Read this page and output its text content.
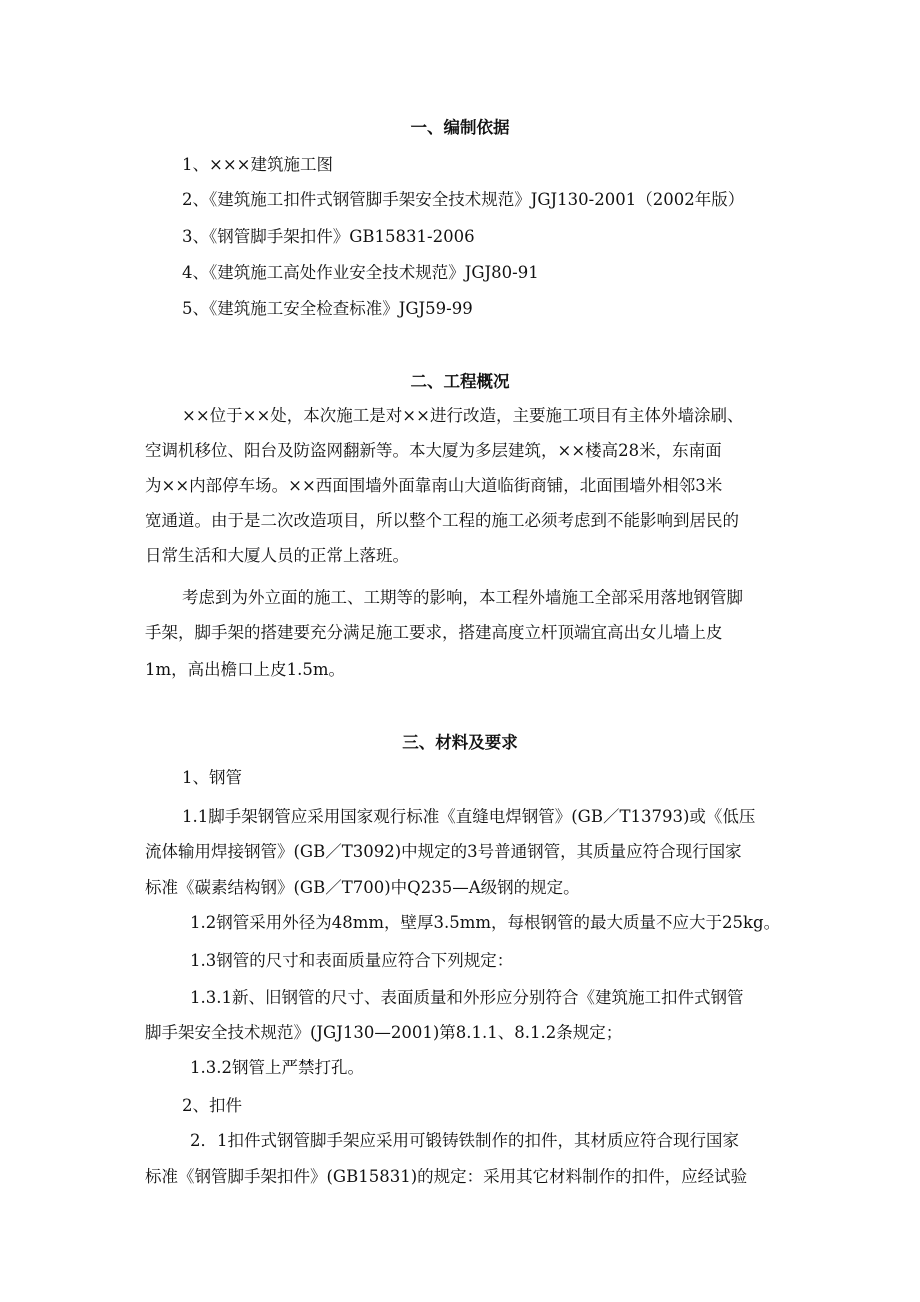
一、编制依据
1、×××建筑施工图
2、《建筑施工扣件式钢管脚手架安全技术规范》JGJ130-2001（2002年版）
3、《钢管脚手架扣件》GB15831-2006
4、《建筑施工高处作业安全技术规范》JGJ80-91
5、《建筑施工安全检查标准》JGJ59-99
二、工程概况
××位于××处，本次施工是对××进行改造，主要施工项目有主体外墙涂刷、
空调机移位、阳台及防盗网翻新等。本大厦为多层建筑，××楼高28米，东南面
为××内部停车场。××西面围墙外面靠南山大道临街商铺，北面围墙外相邻3米
宽通道。由于是二次改造项目，所以整个工程的施工必须考虑到不能影响到居民的
日常生活和大厦人员的正常上落班。
考虑到为外立面的施工、工期等的影响，本工程外墙施工全部采用落地钢管脚
手架，脚手架的搭建要充分满足施工要求，搭建高度立杆顶端宜高出女儿墙上皮
1m，高出檐口上皮1.5m。
三、材料及要求
1、钢管
1.1脚手架钢管应采用国家观行标准《直缝电焊钢管》(GB／T13793)或《低压
流体输用焊接钢管》(GB／T3092)中规定的3号普通钢管，其质量应符合现行国家
标准《碳素结构钢》(GB／T700)中Q235—A级钢的规定。
1.2钢管采用外径为48mm，壁厚3.5mm，每根钢管的最大质量不应大于25kg。
1.3钢管的尺寸和表面质量应符合下列规定：
1.3.1新、旧钢管的尺寸、表面质量和外形应分别符合《建筑施工扣件式钢管
脚手架安全技术规范》(JGJ130—2001)第8.1.1、8.1.2条规定；
1.3.2钢管上严禁打孔。
2、扣件
2．1扣件式钢管脚手架应采用可锻铸铁制作的扣件，其材质应符合现行国家
标准《钢管脚手架扣件》(GB15831)的规定：采用其它材料制作的扣件，应经试验
